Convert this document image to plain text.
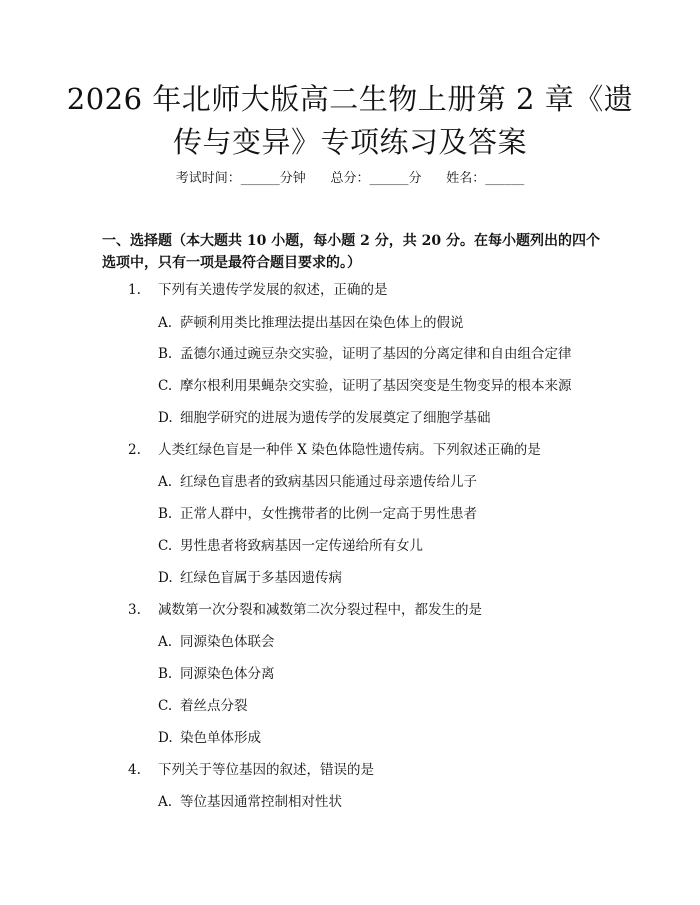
2026 年北师大版高二生物上册第 2 章《遗传与变异》专项练习及答案
考试时间：______分钟      总分：______分      姓名：______
一、选择题（本大题共 10 小题，每小题 2 分，共 20 分。在每小题列出的四个选项中，只有一项是最符合题目要求的。）
1. 下列有关遗传学发展的叙述，正确的是
A. 萨顿利用类比推理法提出基因在染色体上的假说
B. 孟德尔通过豌豆杂交实验，证明了基因的分离定律和自由组合定律
C. 摩尔根利用果蝇杂交实验，证明了基因突变是生物变异的根本来源
D. 细胞学研究的进展为遗传学的发展奠定了细胞学基础
2. 人类红绿色盲是一种伴 X 染色体隐性遗传病。下列叙述正确的是
A. 红绿色盲患者的致病基因只能通过母亲遗传给儿子
B. 正常人群中，女性携带者的比例一定高于男性患者
C. 男性患者将致病基因一定传递给所有女儿
D. 红绿色盲属于多基因遗传病
3. 减数第一次分裂和减数第二次分裂过程中，都发生的是
A. 同源染色体联会
B. 同源染色体分离
C. 着丝点分裂
D. 染色单体形成
4. 下列关于等位基因的叙述，错误的是
A. 等位基因通常控制相对性状
